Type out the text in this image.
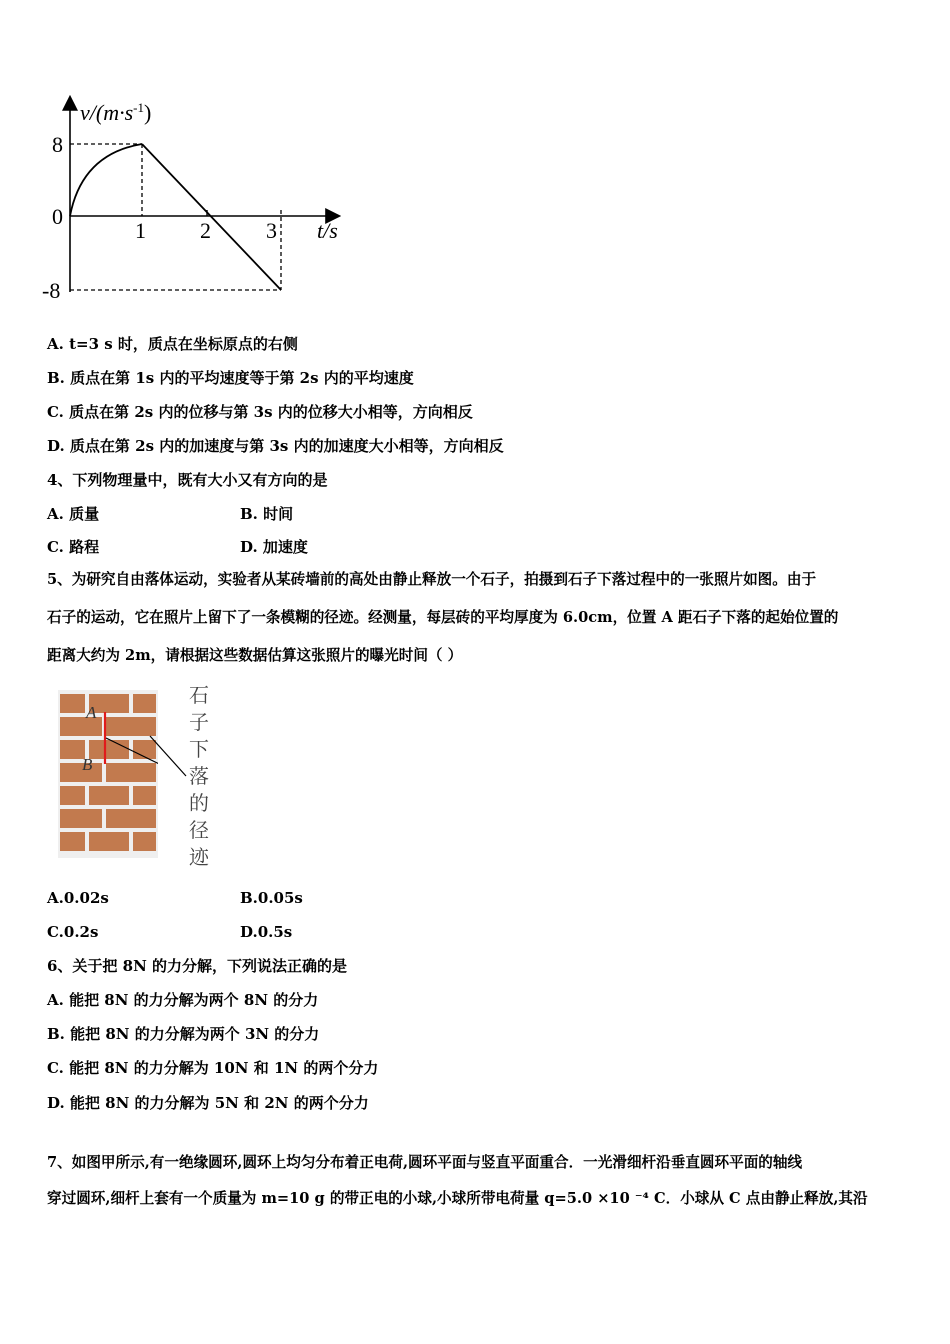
$v/(m\cdot s^{-1})$
8
0
-8
1 2	3 t/s
A. t=3 s 时，质点在坐标原点的右侧
B. 质点在第 1s 内的平均速度等于第 2s 内的平均速度
C. 质点在第 2s 内的位移与第 3s 内的位移大小相等，方向相反
D. 质点在第 2s 内的加速度与第 3s 内的加速度大小相等，方向相反
4、下列物理量中，既有大小又有方向的是
A. 质量	B. 时间
C. 路程	D. 加速度
5、为研究自由落体运动，实验者从某砖墙前的高处由静止释放一个石子，拍摄到石子下落过程中的一张照片如图。由于
石子的运动，它在照片上留下了一条模糊的径迹。经测量，每层砖的平均厚度为 6.0cm，位置 A 距石子下落的起始位置的
距离大约为 2m，请根据这些数据估算这张照片的曝光时间（ ）
A
B
石
子
下
落
的
径
迹
A.0.02s	B.0.05s
C.0.2s	D.0.5s
6、关于把 8N 的力分解，下列说法正确的是
A. 能把 8N 的力分解为两个 8N 的分力
B. 能把 8N 的力分解为两个 3N 的分力
C. 能把 8N 的力分解为 10N 和 1N 的两个分力
D. 能把 8N 的力分解为 5N 和 2N 的两个分力
7、如图甲所示,有一绝缘圆环,圆环上均匀分布着正电荷,圆环平面与竖直平面重合．一光滑细杆沿垂直圆环平面的轴线
穿过圆环,细杆上套有一个质量为 m=10 g 的带正电的小球,小球所带电荷量 q=5.0 ×10 ⁻⁴ C．小球从 C 点由静止释放,其沿
